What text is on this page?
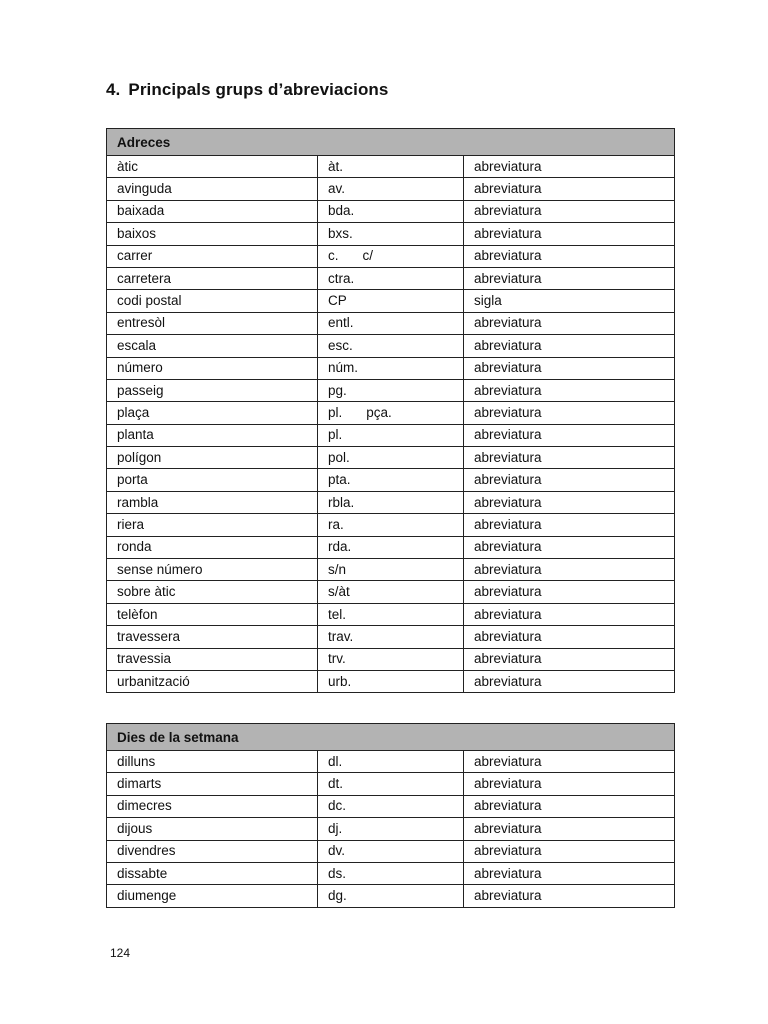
4. Principals grups d’abreviacions
Adreces		
àtic	àt.	abreviatura
avinguda	av.	abreviatura
baixada	bda.	abreviatura
baixos	bxs.	abreviatura
carrer	c. c/	abreviatura
carretera	ctra.	abreviatura
codi postal	CP	sigla
entresòl	entl.	abreviatura
escala	esc.	abreviatura
número	núm.	abreviatura
passeig	pg.	abreviatura
plaça	pl. pça.	abreviatura
planta	pl.	abreviatura
polígon	pol.	abreviatura
porta	pta.	abreviatura
rambla	rbla.	abreviatura
riera	ra.	abreviatura
ronda	rda.	abreviatura
sense número	s/n	abreviatura
sobre àtic	s/àt	abreviatura
telèfon	tel.	abreviatura
travessera	trav.	abreviatura
travessia	trv.	abreviatura
urbanització	urb.	abreviatura
Dies de la setmana		
dilluns	dl.	abreviatura
dimarts	dt.	abreviatura
dimecres	dc.	abreviatura
dijous	dj.	abreviatura
divendres	dv.	abreviatura
dissabte	ds.	abreviatura
diumenge	dg.	abreviatura
124
